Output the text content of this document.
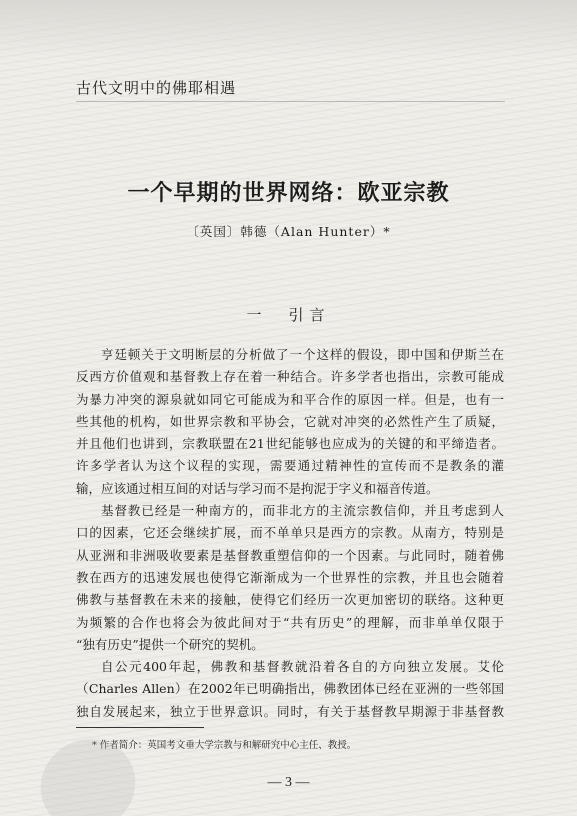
古代文明中的佛耶相遇
一个早期的世界网络：欧亚宗教
〔英国〕韩德（Alan Hunter）*
一　引言
亨廷顿关于文明断层的分析做了一个这样的假设，即中国和伊斯兰在
反西方价值观和基督教上存在着一种结合。许多学者也指出，宗教可能成
为暴力冲突的源泉就如同它可能成为和平合作的原因一样。但是，也有一
些其他的机构，如世界宗教和平协会，它就对冲突的必然性产生了质疑，
并且他们也讲到，宗教联盟在21世纪能够也应成为的关键的和平缔造者。
许多学者认为这个议程的实现，需要通过精神性的宣传而不是教条的灌
输，应该通过相互间的对话与学习而不是拘泥于字义和福音传道。
基督教已经是一种南方的，而非北方的主流宗教信仰，并且考虑到人
口的因素，它还会继续扩展，而不单单只是西方的宗教。从南方，特别是
从亚洲和非洲吸收要素是基督教重塑信仰的一个因素。与此同时，随着佛
教在西方的迅速发展也使得它渐渐成为一个世界性的宗教，并且也会随着
佛教与基督教在未来的接触，使得它们经历一次更加密切的联络。这种更
为频繁的合作也将会为彼此间对于“共有历史”的理解，而非单单仅限于
“独有历史”提供一个研究的契机。
自公元400年起，佛教和基督教就沿着各自的方向独立发展。艾伦
（Charles Allen）在2002年已明确指出，佛教团体已经在亚洲的一些邻国
独自发展起来，独立于世界意识。同时，有关于基督教早期源于非基督教
* 作者简介：英国考文垂大学宗教与和解研究中心主任、教授。
— 3 —
